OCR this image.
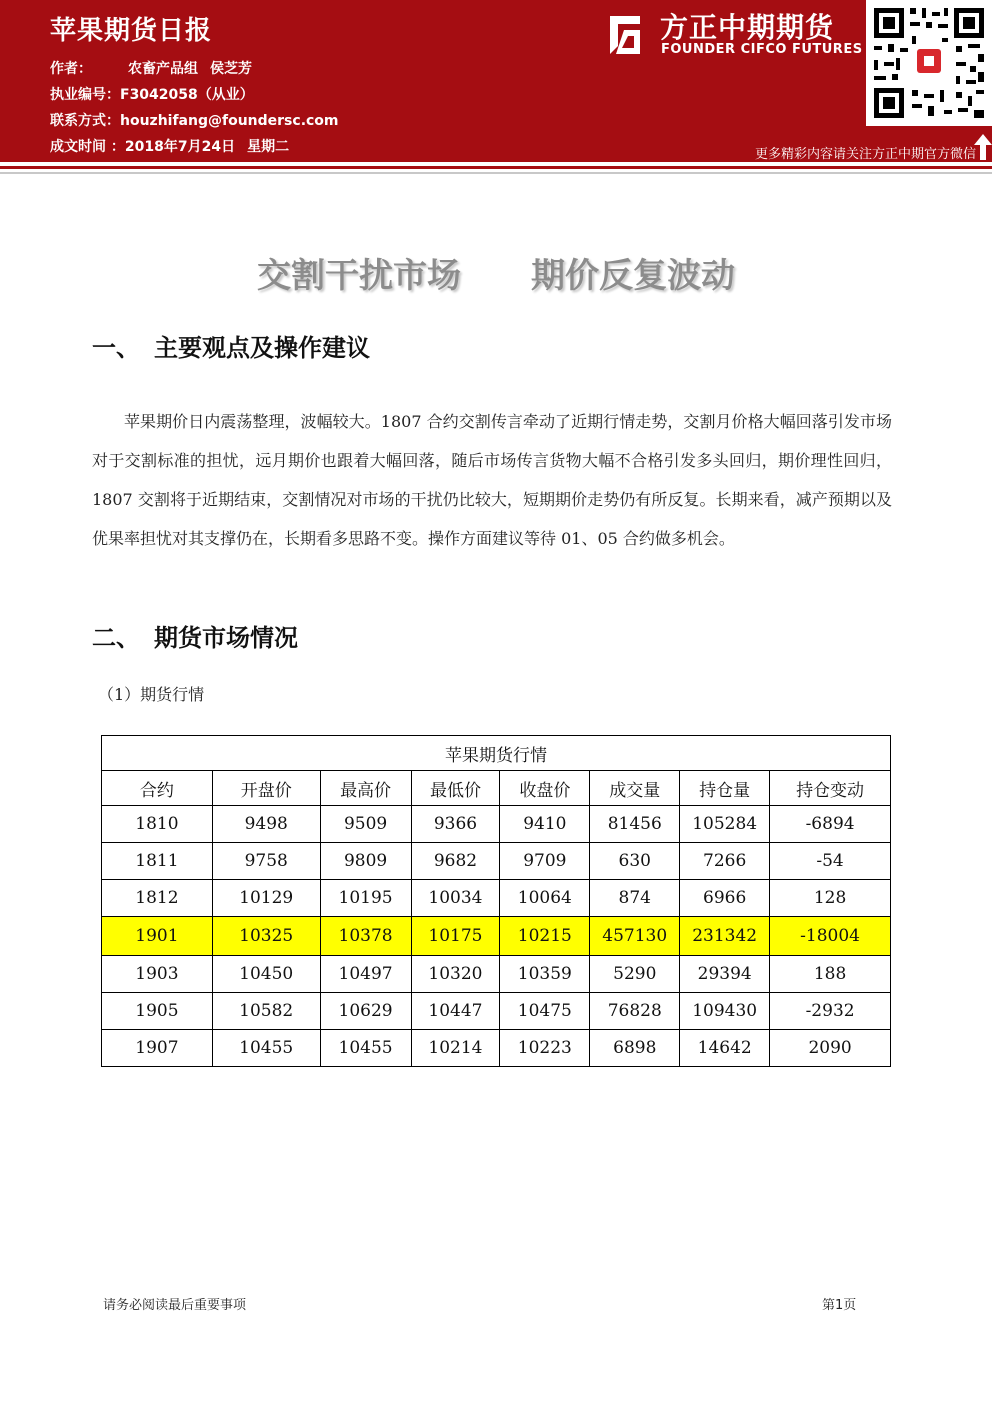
苹果期货日报
作者：	农畜产品组 侯芝芳
执业编号：F3042058（从业）
联系方式：houzhifang@foundersc.com
成文时间 ：2018年7月24日 星期二
方正中期期货
FOUNDER CIFCO FUTURES
更多精彩内容请关注方正中期官方微信
交割干扰市场 期价反复波动
一、 主要观点及操作建议
苹果期价日内震荡整理，波幅较大。1807 合约交割传言牵动了近期行情走势，交割月价格大幅回落引发市场对于交割标准的担忧，远月期价也跟着大幅回落，随后市场传言货物大幅不合格引发多头回归，期价理性回归，1807 交割将于近期结束，交割情况对市场的干扰仍比较大，短期期价走势仍有所反复。长期来看，减产预期以及优果率担忧对其支撑仍在，长期看多思路不变。操作方面建议等待 01、05 合约做多机会。
二、 期货市场情况
（1）期货行情
苹果期货行情							
合约	开盘价	最高价	最低价	收盘价	成交量	持仓量	持仓变动
1810	9498	9509	9366	9410	81456	105284	-6894
1811	9758	9809	9682	9709	630	7266	-54
1812	10129	10195	10034	10064	874	6966	128
1901	10325	10378	10175	10215	457130	231342	-18004
1903	10450	10497	10320	10359	5290	29394	188
1905	10582	10629	10447	10475	76828	109430	-2932
1907	10455	10455	10214	10223	6898	14642	2090
请务必阅读最后重要事项	第1页
